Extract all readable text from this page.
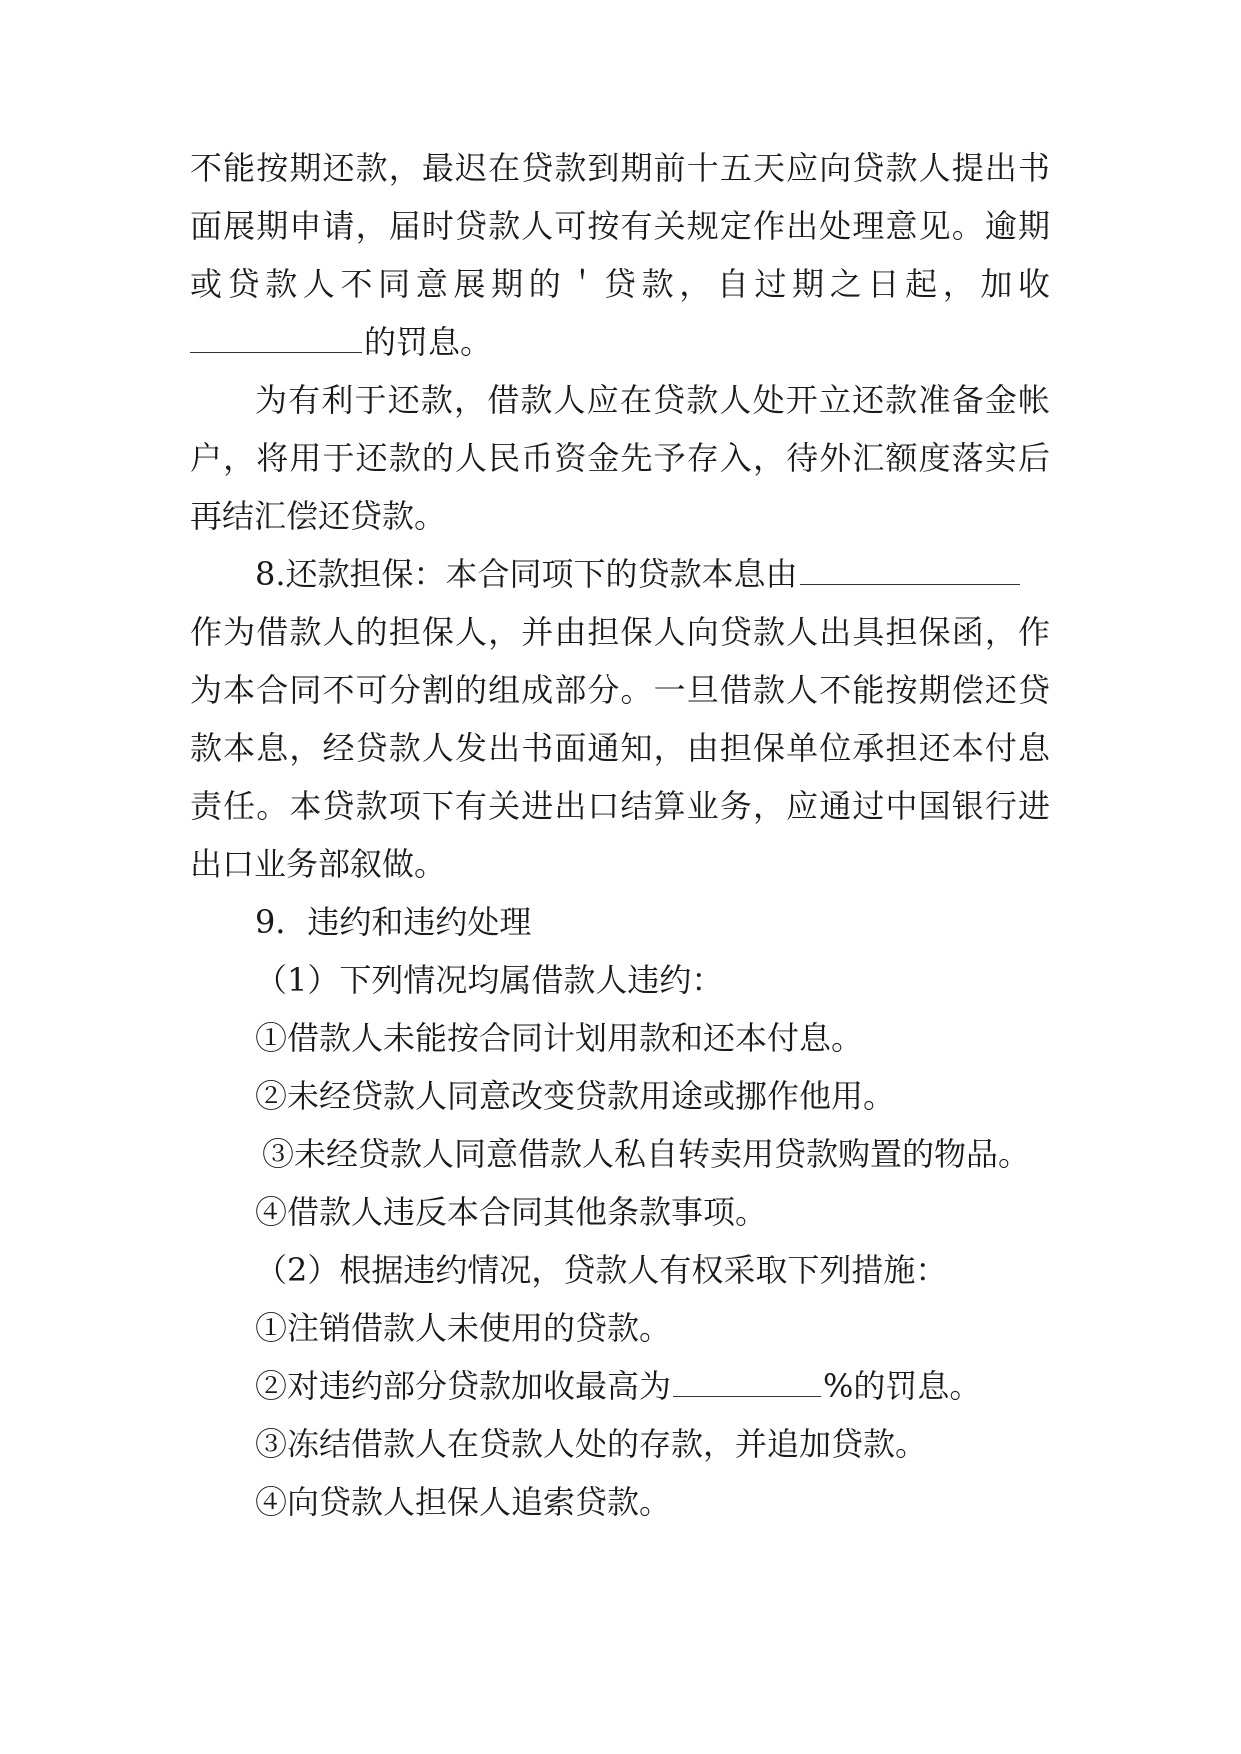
不能按期还款，最迟在贷款到期前十五天应向贷款人提出书
面展期申请，届时贷款人可按有关规定作出处理意见。逾期
或贷款人不同意展期的＇贷款，自过期之日起，加收
的罚息。
为有利于还款，借款人应在贷款人处开立还款准备金帐
户，将用于还款的人民币资金先予存入，待外汇额度落实后
再结汇偿还贷款。
8.还款担保：本合同项下的贷款本息由
作为借款人的担保人，并由担保人向贷款人出具担保函，作
为本合同不可分割的组成部分。一旦借款人不能按期偿还贷
款本息，经贷款人发出书面通知，由担保单位承担还本付息
责任。本贷款项下有关进出口结算业务，应通过中国银行进
出口业务部叙做。
9．违约和违约处理
（1）下列情况均属借款人违约：
①借款人未能按合同计划用款和还本付息。
②未经贷款人同意改变贷款用途或挪作他用。
③未经贷款人同意借款人私自转卖用贷款购置的物品。
④借款人违反本合同其他条款事项。
（2）根据违约情况，贷款人有权采取下列措施：
①注销借款人未使用的贷款。
②对违约部分贷款加收最高为	%的罚息。
③冻结借款人在贷款人处的存款，并追加贷款。
④向贷款人担保人追索贷款。
